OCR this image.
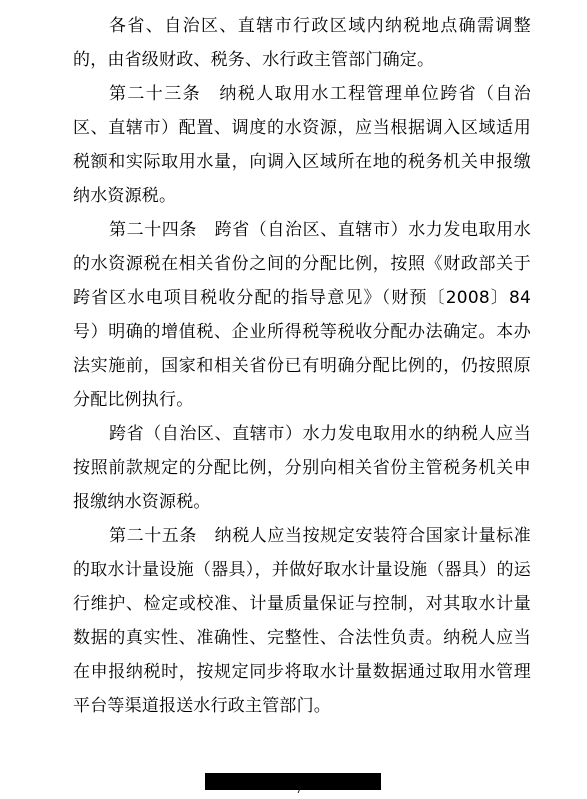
各省、自治区、直辖市行政区域内纳税地点确需调整的，由省级财政、税务、水行政主管部门确定。

第二十三条　纳税人取用水工程管理单位跨省（自治区、直辖市）配置、调度的水资源，应当根据调入区域适用税额和实际取用水量，向调入区域所在地的税务机关申报缴纳水资源税。

第二十四条　跨省（自治区、直辖市）水力发电取用水的水资源税在相关省份之间的分配比例，按照《财政部关于跨省区水电项目税收分配的指导意见》（财预〔2008〕84号）明确的增值税、企业所得税等税收分配办法确定。本办法实施前，国家和相关省份已有明确分配比例的，仍按照原分配比例执行。

跨省（自治区、直辖市）水力发电取用水的纳税人应当按照前款规定的分配比例，分别向相关省份主管税务机关申报缴纳水资源税。

第二十五条　纳税人应当按规定安装符合国家计量标准的取水计量设施（器具），并做好取水计量设施（器具）的运行维护、检定或校准、计量质量保证与控制，对其取水计量数据的真实性、准确性、完整性、合法性负责。纳税人应当在申报纳税时，按规定同步将取水计量数据通过取用水管理平台等渠道报送水行政主管部门。

7
